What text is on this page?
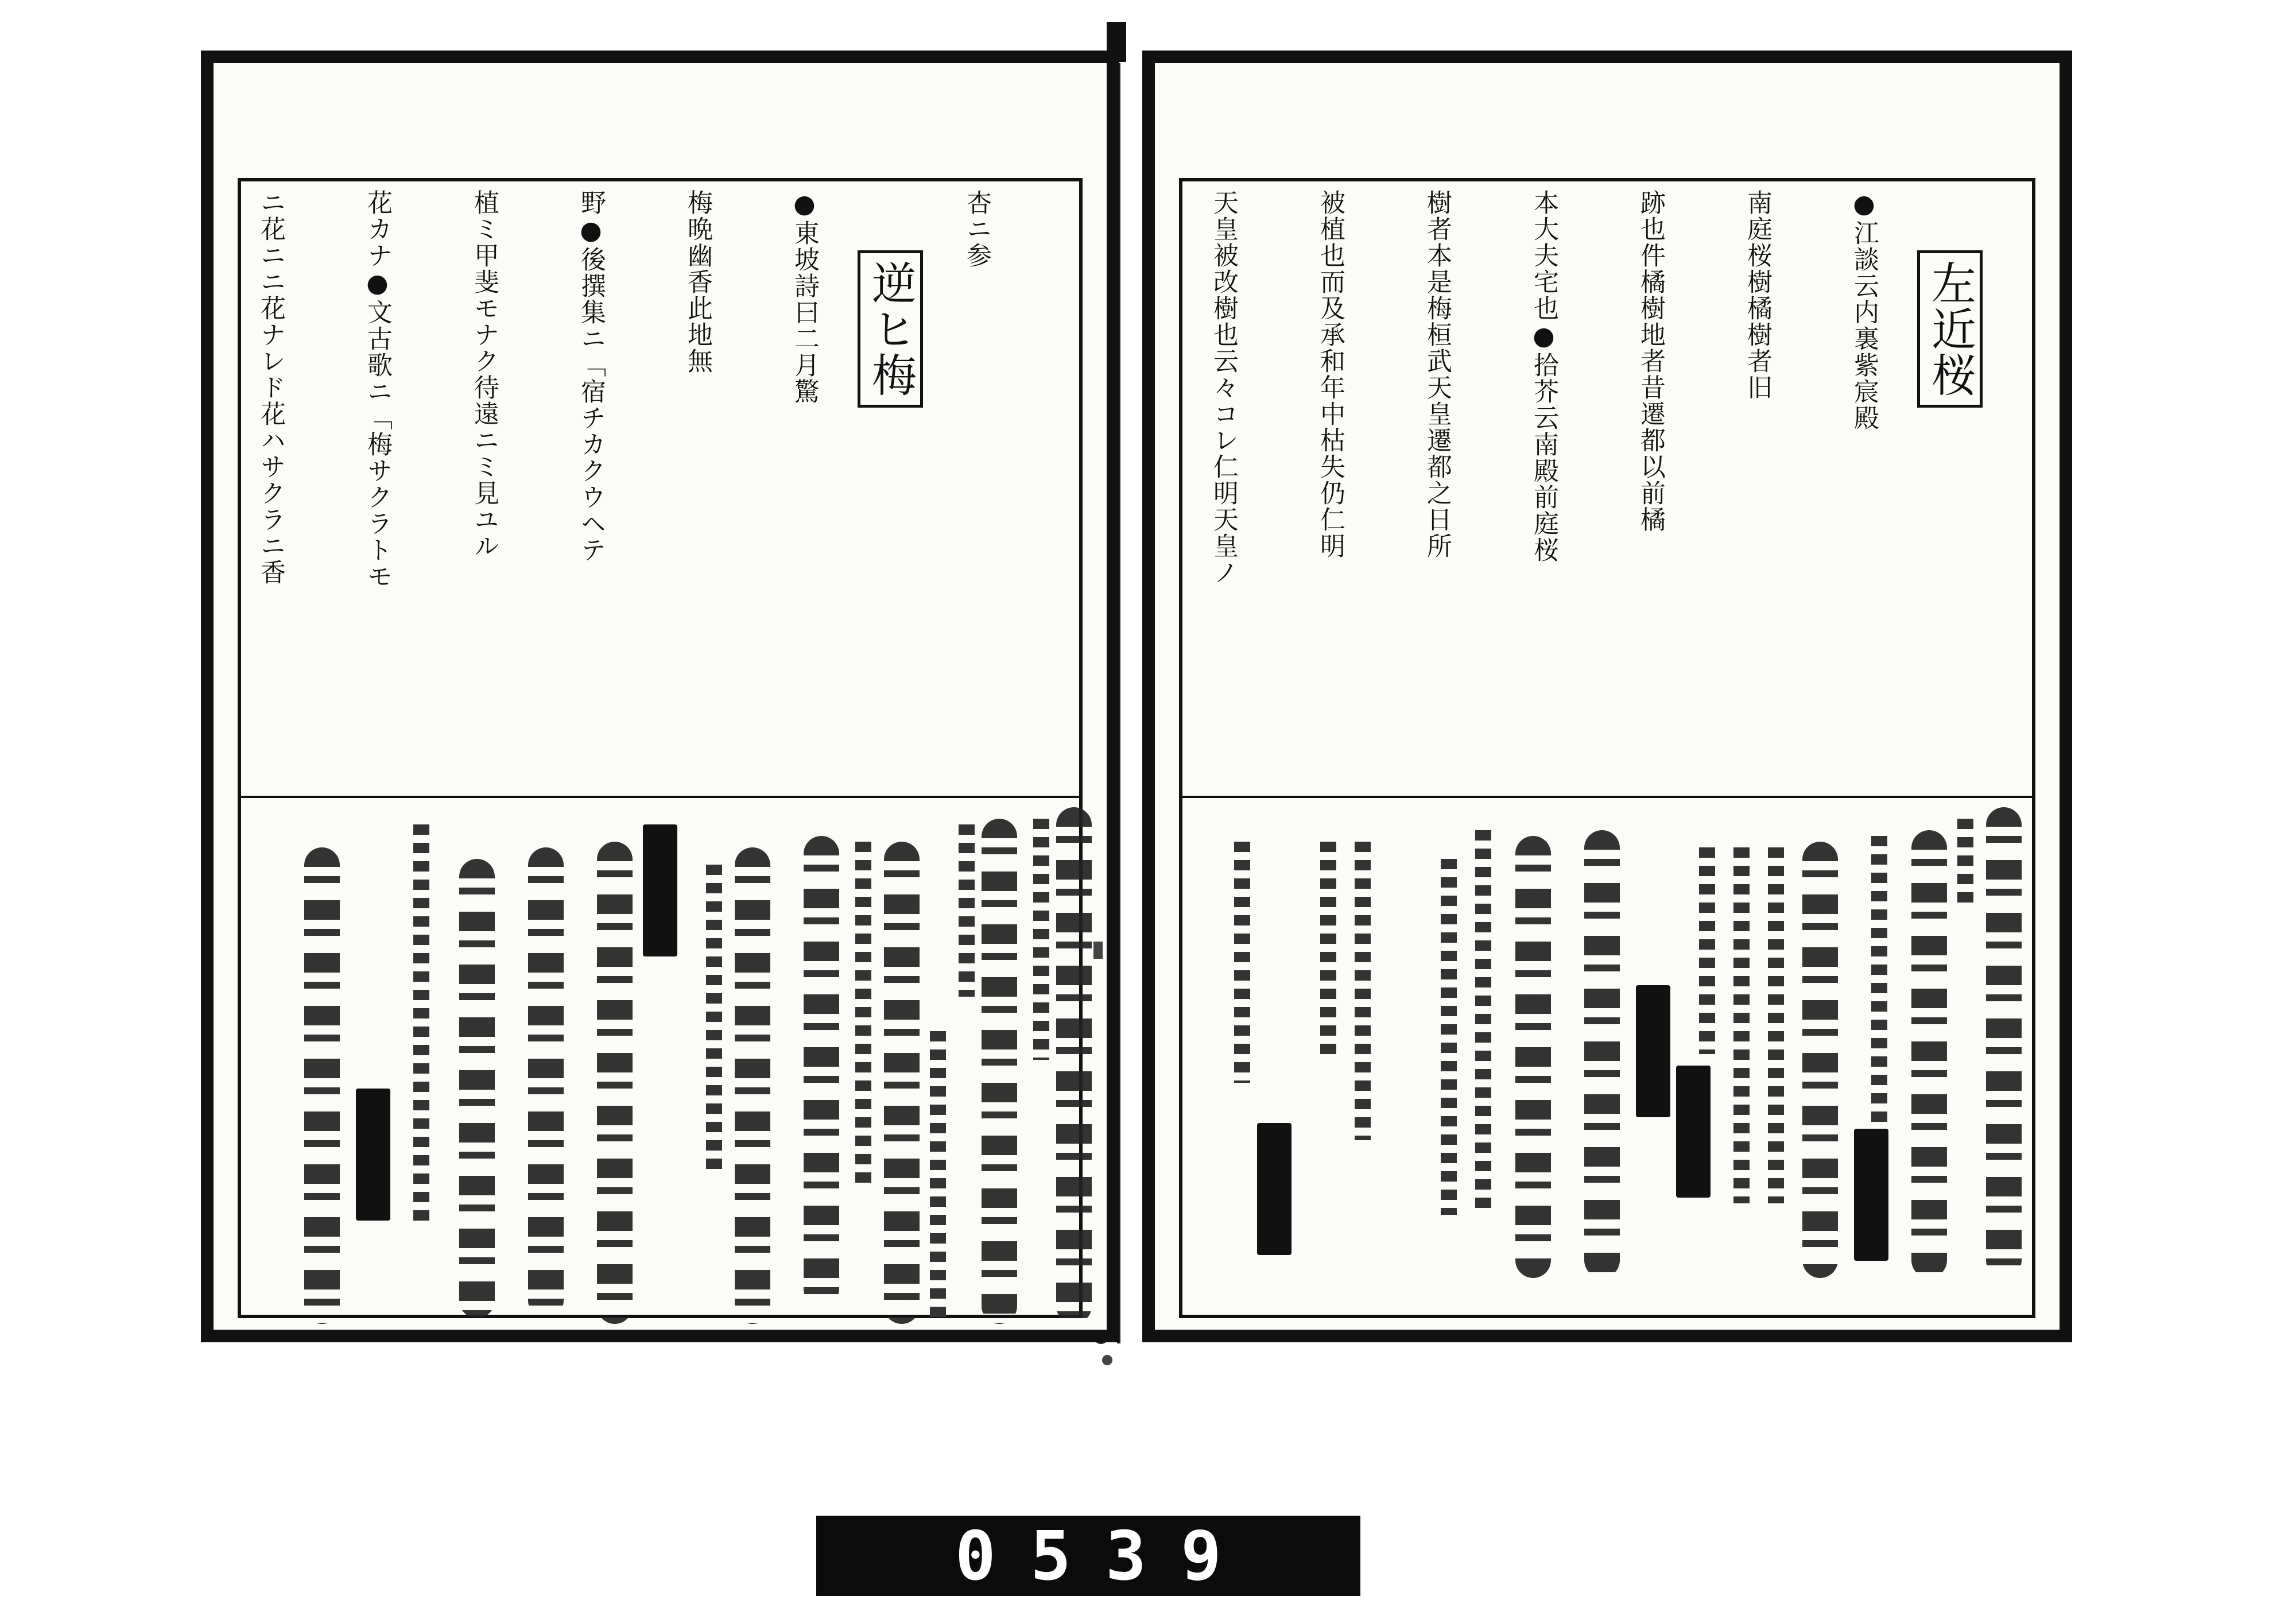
杏ニ参

逆ヒ梅

●東坡詩曰二月驚

梅晩幽香此地無

野●後撰集ニ「宿チカクウヘテ

植ミ甲斐モナク待遠ニミ見ユル

花カナ●文古歌ニ「梅サクラトモ

ニ花ニニ花ナレド花ハサクラニ香

	左近桜

●江談云内裏紫宸殿

南庭桜樹橘樹者旧

跡也件橘樹地者昔遷都以前橘

本大夫宅也●拾芥云南殿前庭桜

樹者本是梅桓武天皇遷都之日所

被植也而及承和年中枯失仍仁明

天皇被改樹也云々コレ仁明天皇ノ

0539
